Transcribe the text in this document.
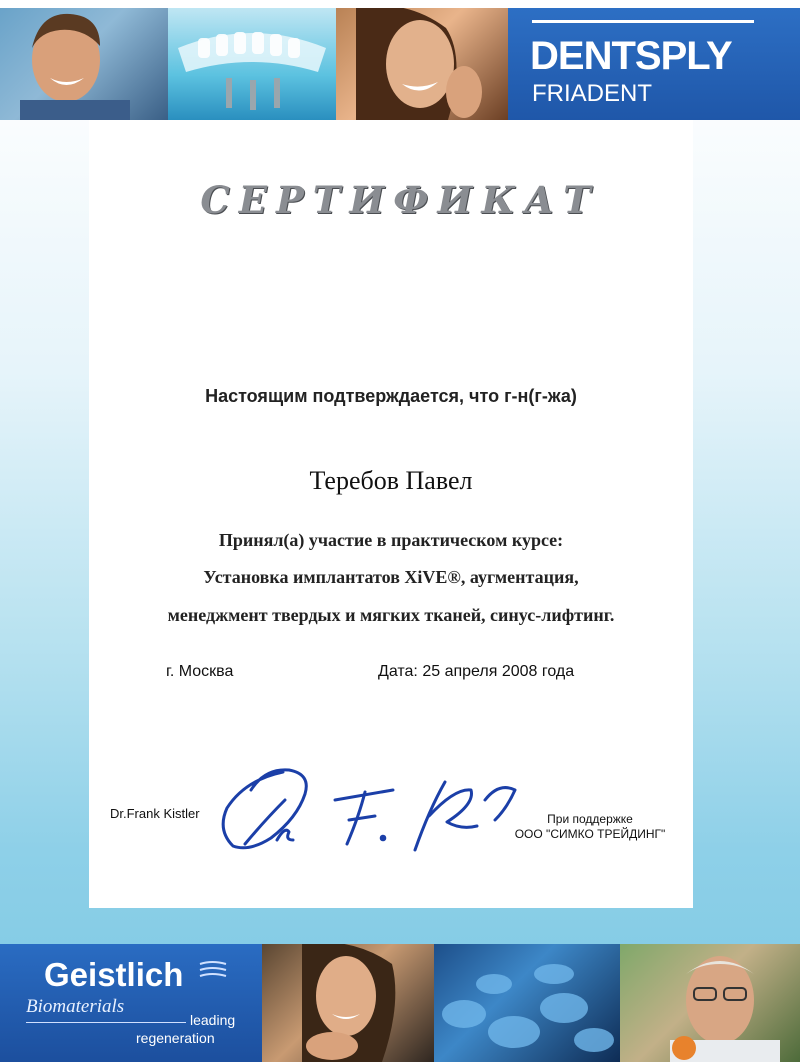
DENTSPLY
FRIADENT
СЕРТИФИКАТ
Настоящим подтверждается, что г-н(г-жа)
Теребов Павел
Принял(а) участие в практическом курсе:
Установка имплантатов XiVE®, аугментация,
менеджмент твердых и мягких тканей, синус-лифтинг.
г. Москва	Дата: 25 апреля 2008 года
Dr.Frank Kistler	При поддержке
ООО "СИМКО ТРЕЙДИНГ"
Geistlich
Biomaterials
leading
regeneration
